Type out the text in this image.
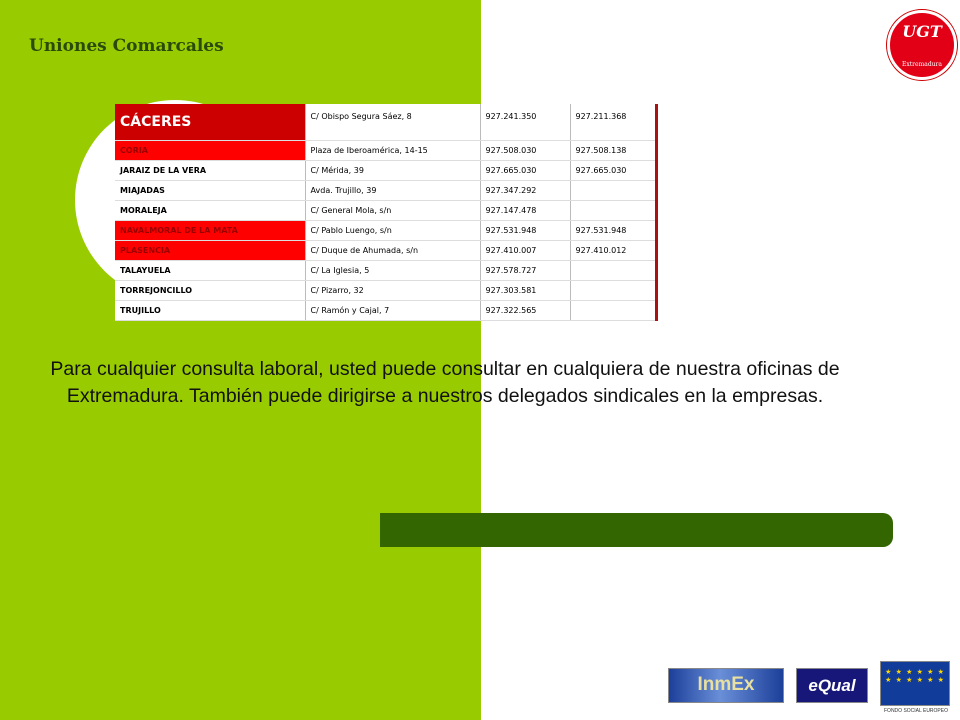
Uniones Comarcales
UGT
Extremadura
CÁCERES	C/ Obispo Segura Sáez, 8	927.241.350	927.211.368
CORIA	Plaza de Iberoamérica, 14-15	927.508.030	927.508.138
JARAIZ DE LA VERA	C/ Mérida, 39	927.665.030	927.665.030
MIAJADAS	Avda. Trujillo, 39	927.347.292	
MORALEJA	C/ General Mola, s/n	927.147.478	
NAVALMORAL DE LA MATA	C/ Pablo Luengo, s/n	927.531.948	927.531.948
PLASENCIA	C/ Duque de Ahumada, s/n	927.410.007	927.410.012
TALAYUELA	C/ La Iglesia, 5	927.578.727	
TORREJONCILLO	C/ Pizarro, 32	927.303.581	
TRUJILLO	C/ Ramón y Cajal, 7	927.322.565	

Para cualquier consulta laboral, usted puede consultar en cualquiera de nuestra oficinas de Extremadura. También puede dirigirse a nuestros delegados sindicales en la empresas.

InmEx	eQual
★ ★ ★ ★ ★ ★ ★ ★ ★ ★ ★ ★
FONDO SOCIAL EUROPEO
